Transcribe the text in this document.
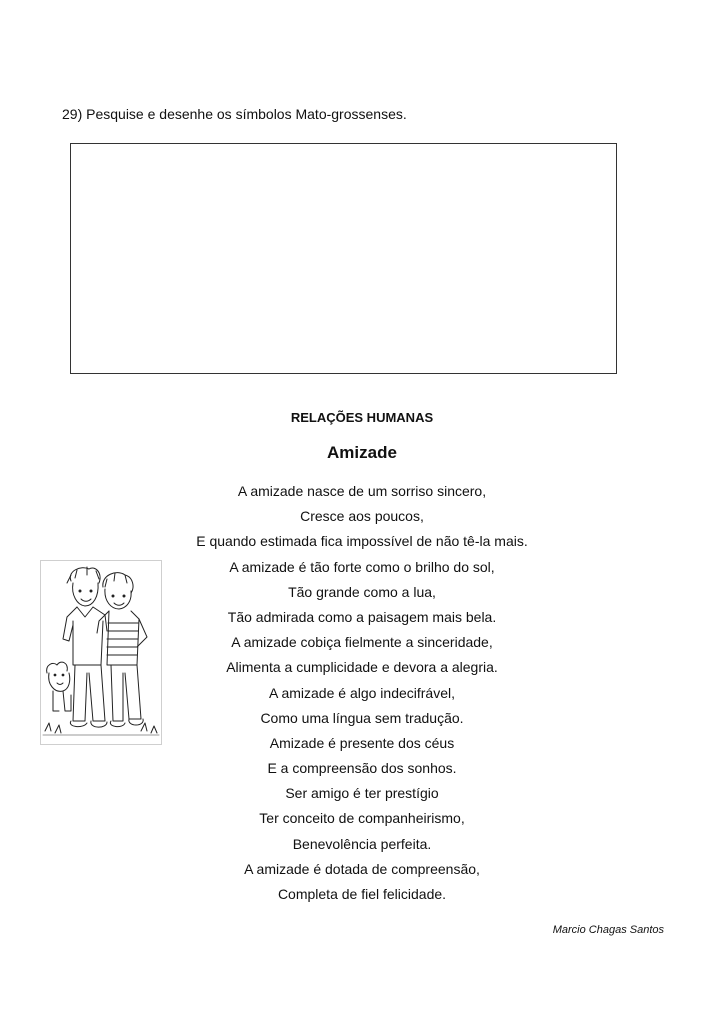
29) Pesquise e desenhe os símbolos Mato-grossenses.
RELAÇÕES HUMANAS
Amizade
A amizade nasce de um sorriso sincero,
Cresce aos poucos,
E quando estimada fica impossível de não tê-la mais.
A amizade é tão forte como o brilho do sol,
Tão grande como a lua,
Tão admirada como a paisagem mais bela.
A amizade cobiça fielmente a sinceridade,
Alimenta a cumplicidade e devora a alegria.
A amizade é algo indecifrável,
Como uma língua sem tradução.
Amizade é presente dos céus
E a compreensão dos sonhos.
Ser amigo é ter prestígio
Ter conceito de companheirismo,
Benevolência perfeita.
A amizade é dotada de compreensão,
Completa de fiel felicidade.
Marcio Chagas Santos
